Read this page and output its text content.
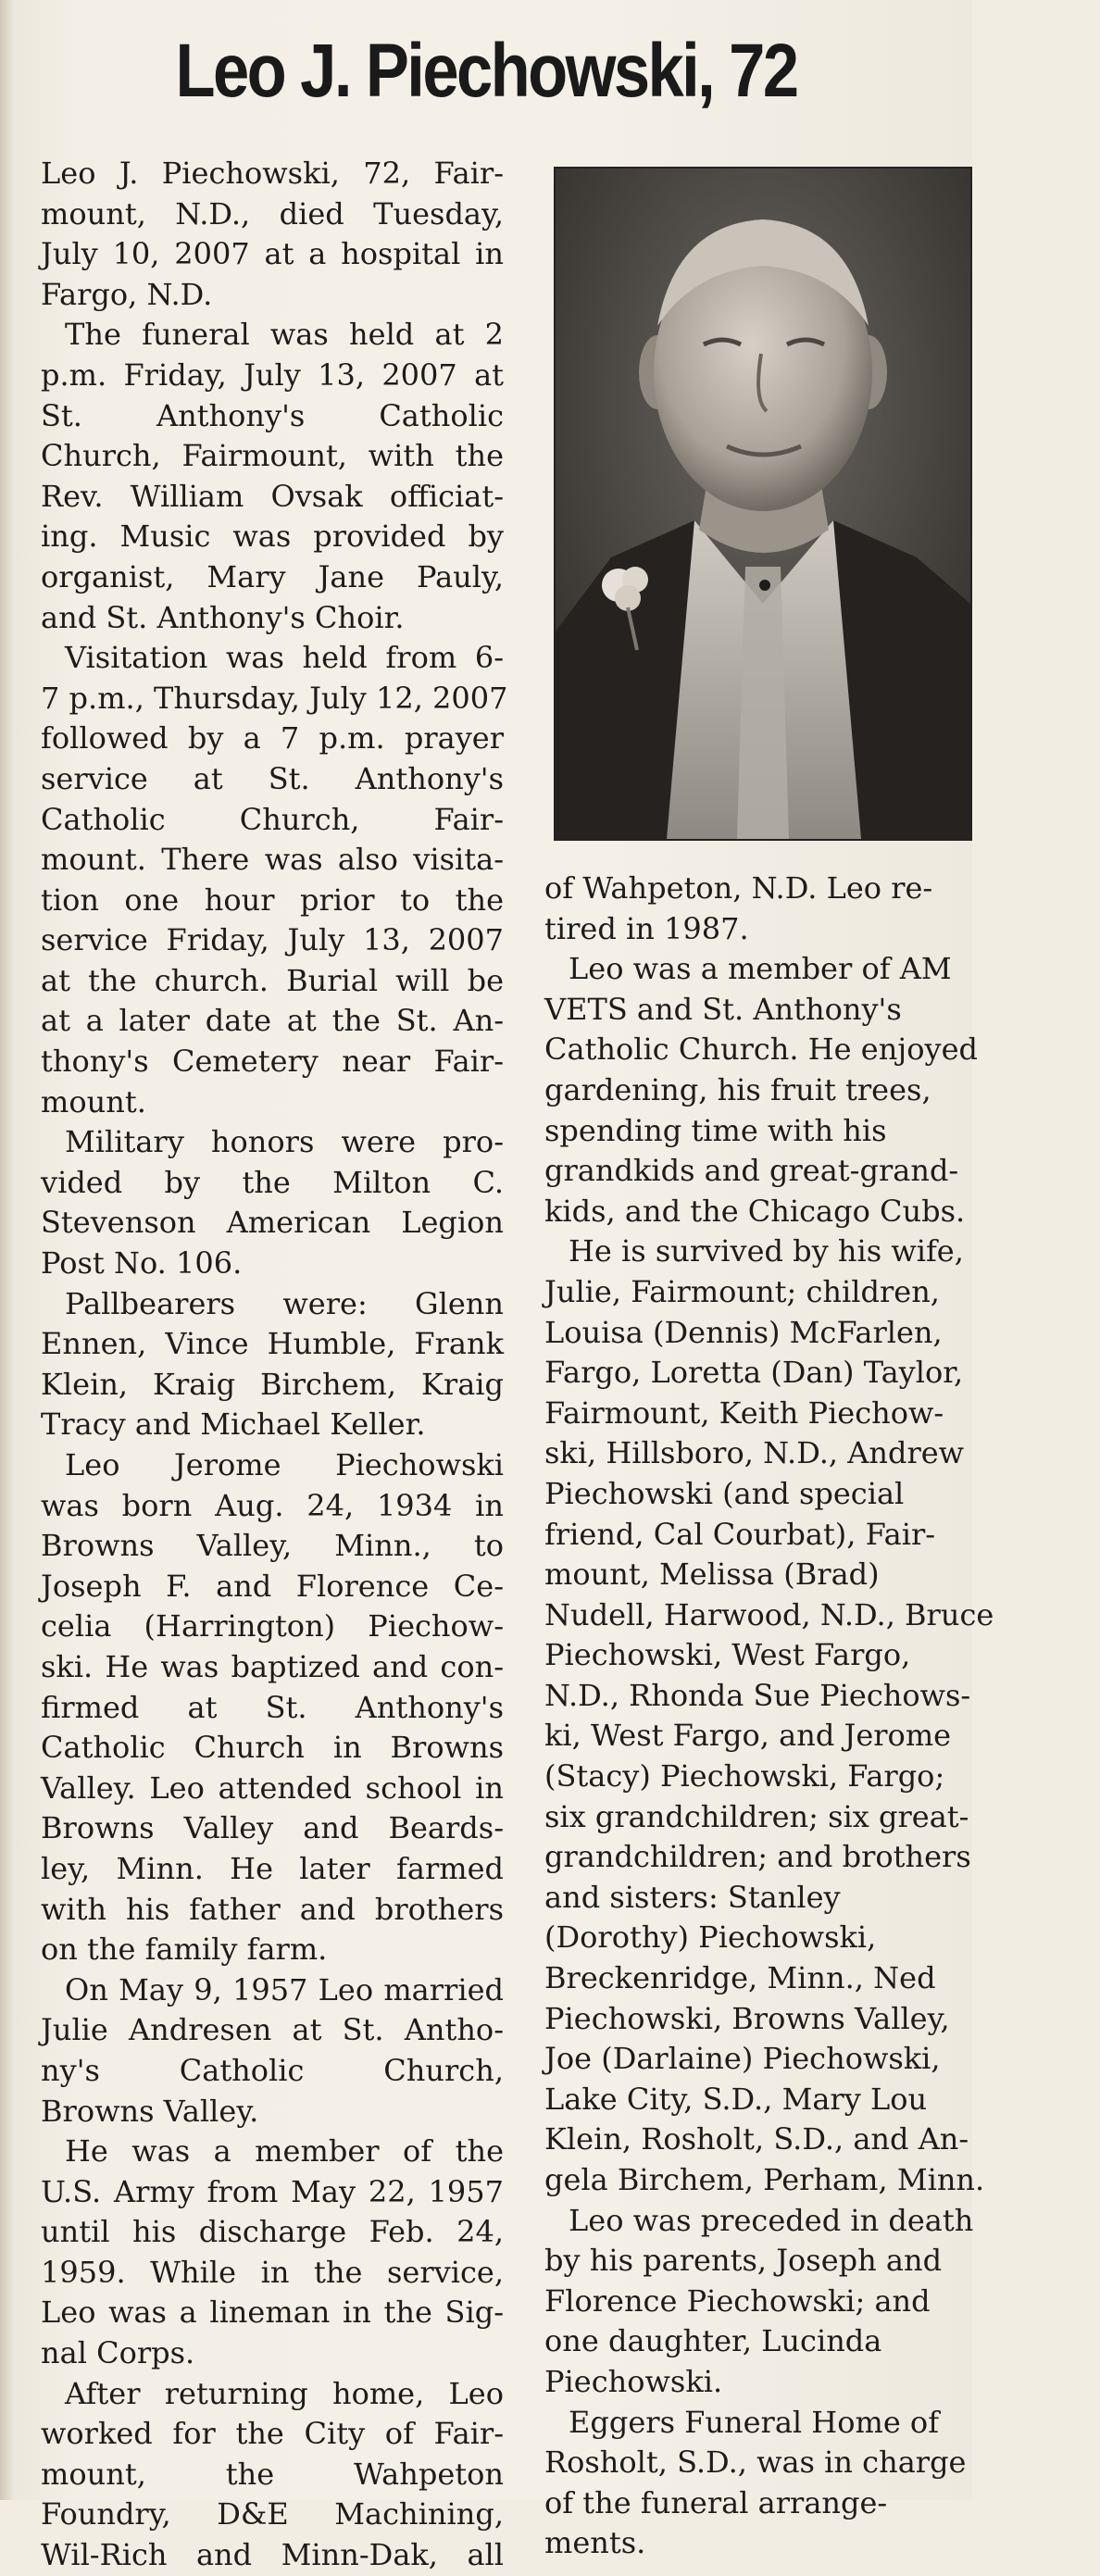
Leo J. Piechowski, 72
Leo J. Piechowski, 72, Fair-
mount, N.D., died Tuesday,
July 10, 2007 at a hospital in
Fargo, N.D.
The funeral was held at 2
p.m. Friday, July 13, 2007 at
St. Anthony's Catholic
Church, Fairmount, with the
Rev. William Ovsak officiat-
ing. Music was provided by
organist, Mary Jane Pauly,
and St. Anthony's Choir.
Visitation was held from 6-
7 p.m., Thursday, July 12, 2007
followed by a 7 p.m. prayer
service at St. Anthony's
Catholic Church, Fair-
mount. There was also visita-
tion one hour prior to the
service Friday, July 13, 2007
at the church. Burial will be
at a later date at the St. An-
thony's Cemetery near Fair-
mount.
Military honors were pro-
vided by the Milton C.
Stevenson American Legion
Post No. 106.
Pallbearers were: Glenn
Ennen, Vince Humble, Frank
Klein, Kraig Birchem, Kraig
Tracy and Michael Keller.
Leo Jerome Piechowski
was born Aug. 24, 1934 in
Browns Valley, Minn., to
Joseph F. and Florence Ce-
celia (Harrington) Piechow-
ski. He was baptized and con-
firmed at St. Anthony's
Catholic Church in Browns
Valley. Leo attended school in
Browns Valley and Beards-
ley, Minn. He later farmed
with his father and brothers
on the family farm.
On May 9, 1957 Leo married
Julie Andresen at St. Antho-
ny's Catholic Church,
Browns Valley.
He was a member of the
U.S. Army from May 22, 1957
until his discharge Feb. 24,
1959. While in the service,
Leo was a lineman in the Sig-
nal Corps.
After returning home, Leo
worked for the City of Fair-
mount, the Wahpeton
Foundry, D&E Machining,
Wil-Rich and Minn-Dak, all
of Wahpeton, N.D. Leo re-
tired in 1987.
Leo was a member of AM
VETS and St. Anthony's
Catholic Church. He enjoyed
gardening, his fruit trees,
spending time with his
grandkids and great-grand-
kids, and the Chicago Cubs.
He is survived by his wife,
Julie, Fairmount; children,
Louisa (Dennis) McFarlen,
Fargo, Loretta (Dan) Taylor,
Fairmount, Keith Piechow-
ski, Hillsboro, N.D., Andrew
Piechowski (and special
friend, Cal Courbat), Fair-
mount, Melissa (Brad)
Nudell, Harwood, N.D., Bruce
Piechowski, West Fargo,
N.D., Rhonda Sue Piechows-
ki, West Fargo, and Jerome
(Stacy) Piechowski, Fargo;
six grandchildren; six great-
grandchildren; and brothers
and sisters: Stanley
(Dorothy) Piechowski,
Breckenridge, Minn., Ned
Piechowski, Browns Valley,
Joe (Darlaine) Piechowski,
Lake City, S.D., Mary Lou
Klein, Rosholt, S.D., and An-
gela Birchem, Perham, Minn.
Leo was preceded in death
by his parents, Joseph and
Florence Piechowski; and
one daughter, Lucinda
Piechowski.
Eggers Funeral Home of
Rosholt, S.D., was in charge
of the funeral arrange-
ments.
